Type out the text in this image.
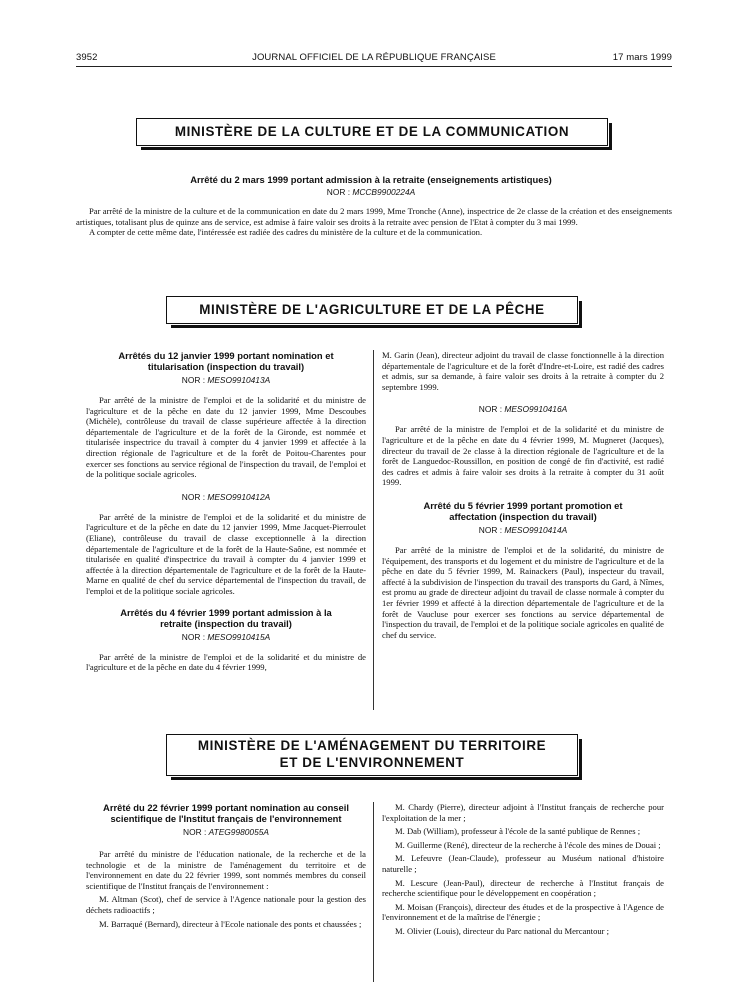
3952	JOURNAL OFFICIEL DE LA RÉPUBLIQUE FRANÇAISE	17 mars 1999
MINISTÈRE DE LA CULTURE ET DE LA COMMUNICATION
Arrêté du 2 mars 1999 portant admission à la retraite (enseignements artistiques)
NOR : MCCB9900224A

Par arrêté de la ministre de la culture et de la communication en date du 2 mars 1999, Mme Tronche (Anne), inspectrice de 2e classe de la création et des enseignements artistiques, totalisant plus de quinze ans de service, est admise à faire valoir ses droits à la retraite avec pension de l'Etat à compter du 3 mai 1999.

A compter de cette même date, l'intéressée est radiée des cadres du ministère de la culture et de la communication.

MINISTÈRE DE L'AGRICULTURE ET DE LA PÊCHE
Arrêtés du 12 janvier 1999 portant nomination et titularisation (inspection du travail)
NOR : MESO9910413A

Par arrêté de la ministre de l'emploi et de la solidarité et du ministre de l'agriculture et de la pêche en date du 12 janvier 1999, Mme Descoubes (Michèle), contrôleuse du travail de classe supérieure affectée à la direction départementale de l'agriculture et de la forêt de la Gironde, est nommée et titularisée inspectrice du travail à compter du 4 janvier 1999 et affectée à la direction régionale de l'agriculture et de la forêt de Poitou-Charentes pour exercer ses fonctions au service régional de l'inspection du travail, de l'emploi et de la politique sociale agricoles.

NOR : MESO9910412A

Par arrêté de la ministre de l'emploi et de la solidarité et du ministre de l'agriculture et de la pêche en date du 12 janvier 1999, Mme Jacquet-Pierroulet (Eliane), contrôleuse du travail de classe exceptionnelle à la direction départementale de l'agriculture et de la forêt de la Haute-Saône, est nommée et titularisée en qualité d'inspectrice du travail à compter du 4 janvier 1999 et affectée à la direction départementale de l'agriculture et de la forêt de la Haute-Marne en qualité de chef du service départemental de l'inspection du travail, de l'emploi et de la politique sociale agricoles.

Arrêtés du 4 février 1999 portant admission à la retraite (inspection du travail)
NOR : MESO9910415A

Par arrêté de la ministre de l'emploi et de la solidarité et du ministre de l'agriculture et de la pêche en date du 4 février 1999,

M. Garin (Jean), directeur adjoint du travail de classe fonctionnelle à la direction départementale de l'agriculture et de la forêt d'Indre-et-Loire, est radié des cadres et admis, sur sa demande, à faire valoir ses droits à la retraite à compter du 2 septembre 1999.

NOR : MESO9910416A

Par arrêté de la ministre de l'emploi et de la solidarité et du ministre de l'agriculture et de la pêche en date du 4 février 1999, M. Mugneret (Jacques), directeur du travail de 2e classe à la direction régionale de l'agriculture et de la forêt de Languedoc-Roussillon, en position de congé de fin d'activité, est radié des cadres et admis à faire valoir ses droits à la retraite à compter du 31 août 1999.

Arrêté du 5 février 1999 portant promotion et affectation (inspection du travail)
NOR : MESO9910414A

Par arrêté de la ministre de l'emploi et de la solidarité, du ministre de l'équipement, des transports et du logement et du ministre de l'agriculture et de la pêche en date du 5 février 1999, M. Rainackers (Paul), inspecteur du travail, affecté à la subdivision de l'inspection du travail des transports du Gard, à Nîmes, est promu au grade de directeur adjoint du travail de classe normale à compter du 1er février 1999 et affecté à la direction départementale de l'agriculture et de la forêt de Vaucluse pour exercer ses fonctions au service départemental de l'inspection du travail, de l'emploi et de la politique sociale agricoles en qualité de chef du service.

MINISTÈRE DE L'AMÉNAGEMENT DU TERRITOIRE
ET DE L'ENVIRONNEMENT
Arrêté du 22 février 1999 portant nomination au conseil scientifique de l'Institut français de l'environnement
NOR : ATEG9980055A

Par arrêté du ministre de l'éducation nationale, de la recherche et de la technologie et de la ministre de l'aménagement du territoire et de l'environnement en date du 22 février 1999, sont nommés membres du conseil scientifique de l'Institut français de l'environnement :

M. Altman (Scot), chef de service à l'Agence nationale pour la gestion des déchets radioactifs ;

M. Barraqué (Bernard), directeur à l'Ecole nationale des ponts et chaussées ;

M. Chardy (Pierre), directeur adjoint à l'Institut français de recherche pour l'exploitation de la mer ;

M. Dab (William), professeur à l'école de la santé publique de Rennes ;

M. Guillerme (René), directeur de la recherche à l'école des mines de Douai ;

M. Lefeuvre (Jean-Claude), professeur au Muséum national d'histoire naturelle ;

M. Lescure (Jean-Paul), directeur de recherche à l'Institut français de recherche scientifique pour le développement en coopération ;

M. Moisan (François), directeur des études et de la prospective à l'Agence de l'environnement et de la maîtrise de l'énergie ;

M. Olivier (Louis), directeur du Parc national du Mercantour ;
